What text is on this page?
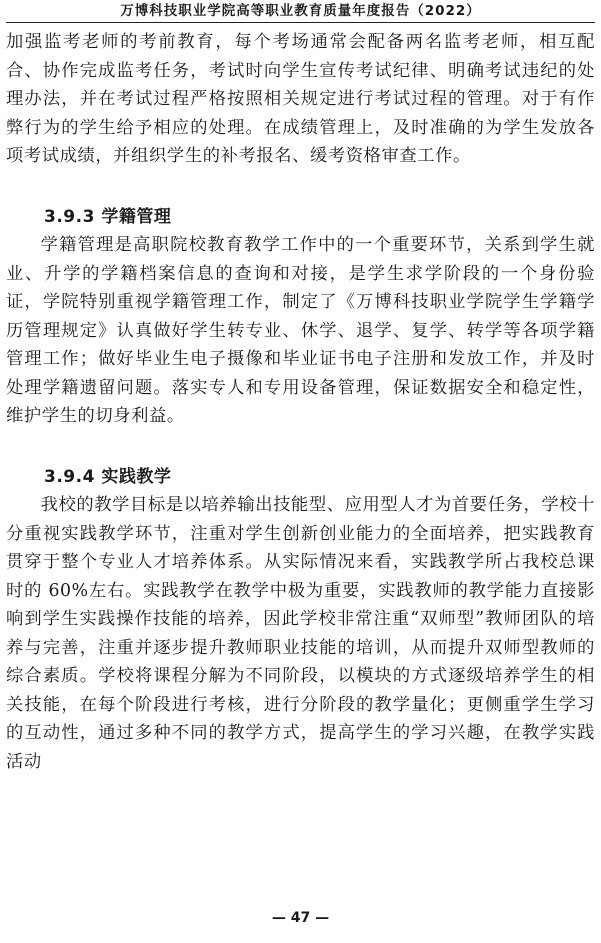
万博科技职业学院高等职业教育质量年度报告（2022）

加强监考老师的考前教育，每个考场通常会配备两名监考老师，相互配合、协作完成监考任务，考试时向学生宣传考试纪律、明确考试违纪的处理办法，并在考试过程严格按照相关规定进行考试过程的管理。对于有作弊行为的学生给予相应的处理。在成绩管理上，及时准确的为学生发放各项考试成绩，并组织学生的补考报名、缓考资格审查工作。

3.9.3 学籍管理

学籍管理是高职院校教育教学工作中的一个重要环节，关系到学生就业、升学的学籍档案信息的查询和对接，是学生求学阶段的一个身份验证，学院特别重视学籍管理工作，制定了《万博科技职业学院学生学籍学历管理规定》认真做好学生转专业、休学、退学、复学、转学等各项学籍管理工作；做好毕业生电子摄像和毕业证书电子注册和发放工作，并及时处理学籍遗留问题。落实专人和专用设备管理，保证数据安全和稳定性，维护学生的切身利益。

3.9.4 实践教学

我校的教学目标是以培养输出技能型、应用型人才为首要任务，学校十分重视实践教学环节，注重对学生创新创业能力的全面培养，把实践教育贯穿于整个专业人才培养体系。从实际情况来看，实践教学所占我校总课时的 60%左右。实践教学在教学中极为重要，实践教师的教学能力直接影响到学生实践操作技能的培养，因此学校非常注重“双师型”教师团队的培养与完善，注重并逐步提升教师职业技能的培训，从而提升双师型教师的综合素质。学校将课程分解为不同阶段，以模块的方式逐级培养学生的相关技能，在每个阶段进行考核，进行分阶段的教学量化；更侧重学生学习的互动性，通过多种不同的教学方式，提高学生的学习兴趣，在教学实践活动

— 47 —
